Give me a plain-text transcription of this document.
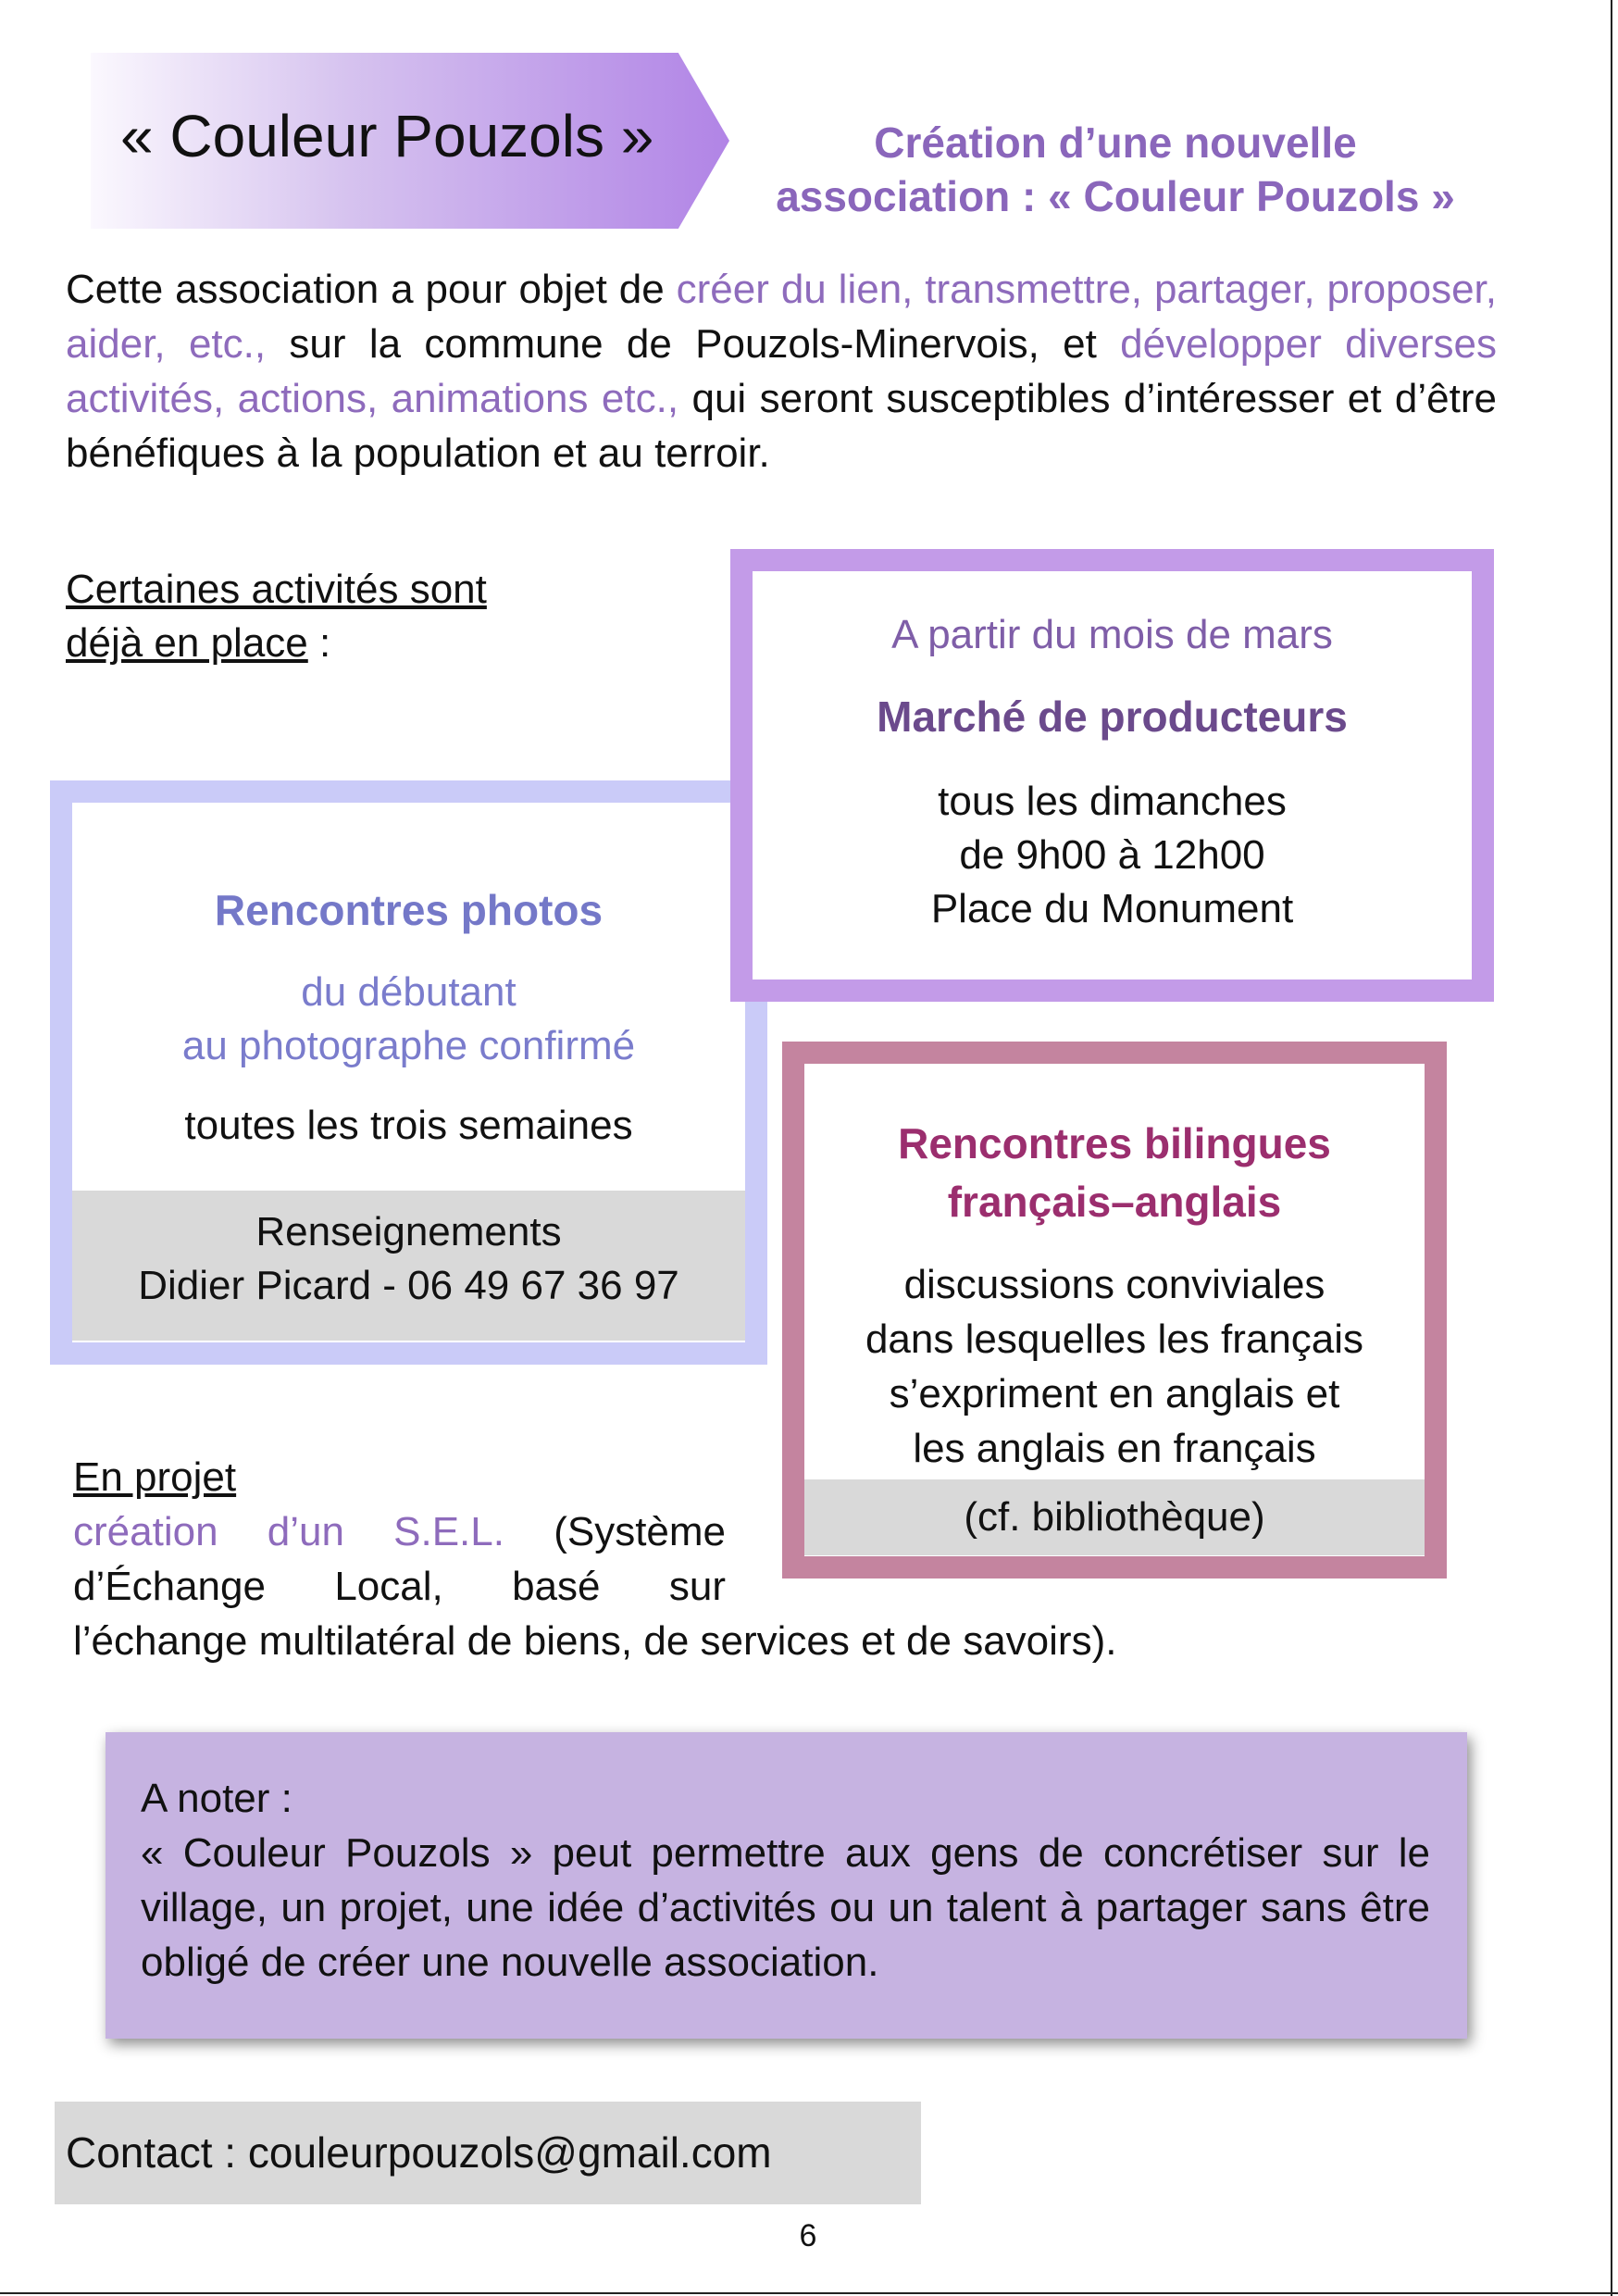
« Couleur Pouzols »	Création d’une nouvelle
association : « Couleur Pouzols »
Cette association a pour objet de créer du lien, transmettre, partager, proposer, aider, etc., sur la commune de Pouzols-Minervois, et développer diverses activités, actions, animations etc., qui seront susceptibles d’intéresser et d’être bénéfiques à la population et au terroir.
Certaines activités sont
déjà en place :	A partir du mois de mars
Marché de producteurs
tous les dimanches
de 9h00 à 12h00
Place du Monument
Rencontres photos
du débutant
au photographe confirmé
toutes les trois semaines
Renseignements
Didier Picard - 06 49 67 36 97
Rencontres bilingues
français–anglais
discussions conviviales
dans lesquelles les français
s’expriment en anglais et
les anglais en français
(cf. bibliothèque)
En projet
création d’un S.E.L. (Système d’Échange Local, basé sur
l’échange multilatéral de biens, de services et de savoirs).
A noter :
« Couleur Pouzols » peut permettre aux gens de concrétiser sur le village, un projet, une idée d’activités ou un talent à partager sans être obligé de créer une nouvelle association.
Contact : couleurpouzols@gmail.com
6
